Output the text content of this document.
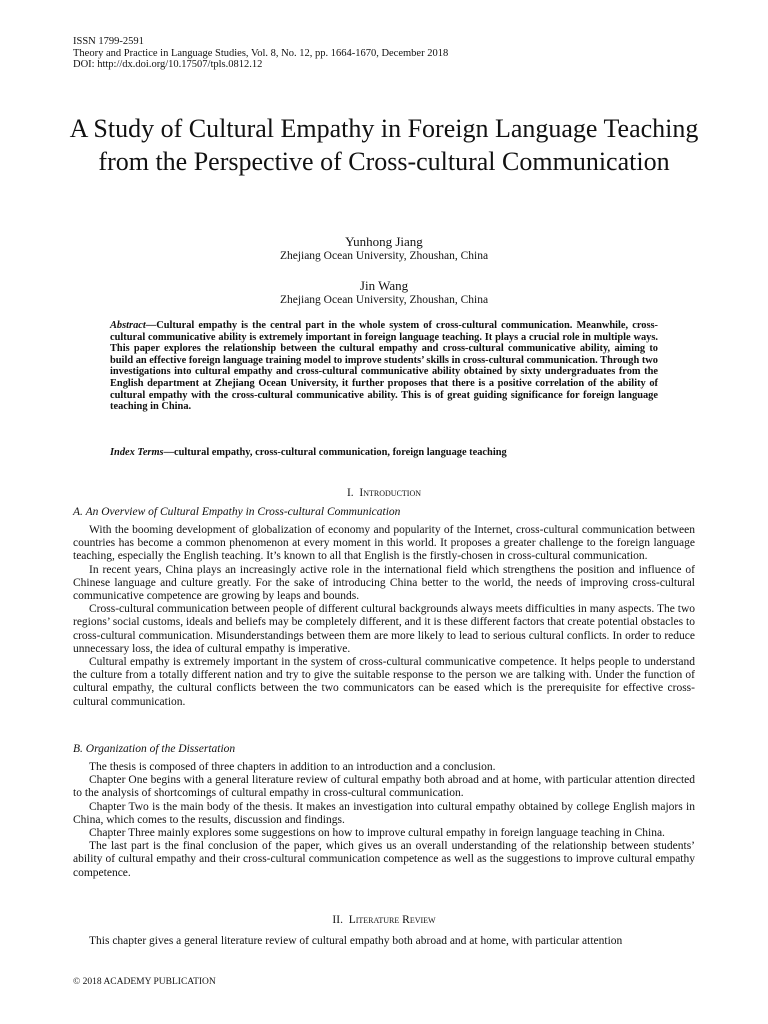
ISSN 1799-2591
Theory and Practice in Language Studies, Vol. 8, No. 12, pp. 1664-1670, December 2018
DOI: http://dx.doi.org/10.17507/tpls.0812.12
A Study of Cultural Empathy in Foreign Language Teaching from the Perspective of Cross-cultural Communication
Yunhong Jiang
Zhejiang Ocean University, Zhoushan, China
Jin Wang
Zhejiang Ocean University, Zhoushan, China
Abstract—Cultural empathy is the central part in the whole system of cross-cultural communication. Meanwhile, cross-cultural communicative ability is extremely important in foreign language teaching. It plays a crucial role in multiple ways. This paper explores the relationship between the cultural empathy and cross-cultural communicative ability, aiming to build an effective foreign language training model to improve students’ skills in cross-cultural communication. Through two investigations into cultural empathy and cross-cultural communicative ability obtained by sixty undergraduates from the English department at Zhejiang Ocean University, it further proposes that there is a positive correlation of the ability of cultural empathy with the cross-cultural communicative ability. This is of great guiding significance for foreign language teaching in China.
Index Terms—cultural empathy, cross-cultural communication, foreign language teaching
I. Introduction
A. An Overview of Cultural Empathy in Cross-cultural Communication

With the booming development of globalization of economy and popularity of the Internet, cross-cultural communication between countries has become a common phenomenon at every moment in this world. It proposes a greater challenge to the foreign language teaching, especially the English teaching. It’s known to all that English is the firstly-chosen in cross-cultural communication.

In recent years, China plays an increasingly active role in the international field which strengthens the position and influence of Chinese language and culture greatly. For the sake of introducing China better to the world, the needs of improving cross-cultural communicative competence are growing by leaps and bounds.

Cross-cultural communication between people of different cultural backgrounds always meets difficulties in many aspects. The two regions’ social customs, ideals and beliefs may be completely different, and it is these different factors that create potential obstacles to cross-cultural communication. Misunderstandings between them are more likely to lead to serious cultural conflicts. In order to reduce unnecessary loss, the idea of cultural empathy is imperative.

Cultural empathy is extremely important in the system of cross-cultural communicative competence. It helps people to understand the culture from a totally different nation and try to give the suitable response to the person we are talking with. Under the function of cultural empathy, the cultural conflicts between the two communicators can be eased which is the prerequisite for effective cross-cultural communication.

B. Organization of the Dissertation

The thesis is composed of three chapters in addition to an introduction and a conclusion.

Chapter One begins with a general literature review of cultural empathy both abroad and at home, with particular attention directed to the analysis of shortcomings of cultural empathy in cross-cultural communication.

Chapter Two is the main body of the thesis. It makes an investigation into cultural empathy obtained by college English majors in China, which comes to the results, discussion and findings.

Chapter Three mainly explores some suggestions on how to improve cultural empathy in foreign language teaching in China.

The last part is the final conclusion of the paper, which gives us an overall understanding of the relationship between students’ ability of cultural empathy and their cross-cultural communication competence as well as the suggestions to improve cultural empathy competence.

II. Literature Review

This chapter gives a general literature review of cultural empathy both abroad and at home, with particular attention

© 2018 ACADEMY PUBLICATION
